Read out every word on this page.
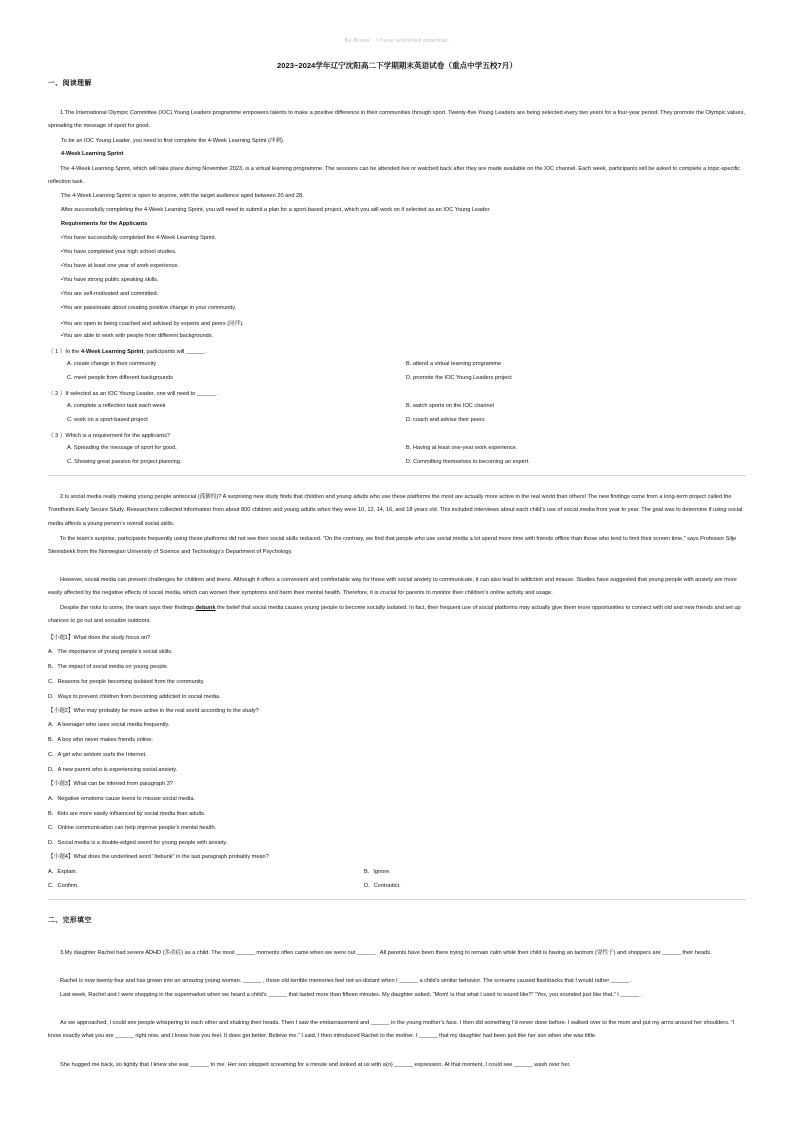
Be Brave · I have unlimited potential.
2023~2024学年辽宁沈阳高二下学期期末英语试卷（重点中学五校7月）
一、阅读理解
1.The International Olympic Committee (IOC) Young Leaders programme empowers talents to make a positive difference in their communities through sport. Twenty-five Young Leaders are being selected every two years for a four-year period. They promote the Olympic values, spreading the message of sport for good.
To be an IOC Young Leader, you need to first complete the 4-Week Learning Sprint (冲刺).
4-Week Learning Sprint
The 4-Week Learning Sprint, which will take place during November 2023, is a virtual learning programme. The sessions can be attended live or watched back after they are made available on the IOC channel. Each week, participants will be asked to complete a topic-specific reflection task.
The 4-Week Learning Sprint is open to anyone, with the target audience aged between 20 and 28.
After successfully completing the 4-Week Learning Sprint, you will need to submit a plan for a sport-based project, which you will work on if selected as an IOC Young Leader.
Requirements for the Applicants
•You have successfully completed the 4-Week Learning Sprint.
•You have completed your high school studies.
•You have at least one year of work experience.
•You have strong public speaking skills.
•You are self-motivated and committed.
•You are passionate about creating positive change in your community.
•You are open to being coached and advised by experts and peers (同伴).
•You are able to work with people from different backgrounds.
（ 1 ）In the 4-Week Learning Sprint, participants will ______ .
A. create change in their community	B. attend a virtual learning programme
C. meet people from different backgrounds	D. promote the IOC Young Leaders project
（ 2 ）If selected as an IOC Young Leader, one will need to ______ .
A. complete a reflection task each week	B. watch sports on the IOC channel
C. work on a sport-based project	D. coach and advise their peers
（ 3 ）Which is a requirement for the applicants?
A. Spreading the message of sport for good.	B. Having at least one-year work experience.
C. Showing great passion for project planning.	D. Committing themselves to becoming an expert.
2.Is social media really making young people antisocial (孤僻的)? A surprising new study finds that children and young adults who use these platforms the most are actually more active in the real world than others! The new findings come from a long-term project called the Trondheim Early Secure Study. Researchers collected information from about 800 children and young adults when they were 10, 12, 14, 16, and 18 years old. This included interviews about each child’s use of social media from year to year. The goal was to determine if using social media affects a young person’s overall social skills.
To the team’s surprise, participants frequently using these platforms did not see their social skills reduced. “On the contrary, we find that people who use social media a lot spend more time with friends offline than those who tend to limit their screen time,” says Professor Silje Steinsbekk from the Norwegian University of Science and Technology’s Department of Psychology.
However, social media can present challenges for children and teens. Although it offers a convenient and comfortable way for those with social anxiety to communicate, it can also lead to addiction and misuse. Studies have suggested that young people with anxiety are more easily affected by the negative effects of social media, which can worsen their symptoms and harm their mental health. Therefore, it is crucial for parents to monitor their children’s online activity and usage.
Despite the risks to some, the team says their findings debunk the belief that social media causes young people to become socially isolated. In fact, their frequent use of social platforms may actually give them more opportunities to connect with old and new friends and set up chances to go out and socialize outdoors.
【小题1】What does the study focus on?
A．The importance of young people’s social skills.
B．The impact of social media on young people.
C．Reasons for people becoming isolated from the community.
D．Ways to prevent children from becoming addicted to social media.
【小题2】Who may probably be more active in the real world according to the study?
A．A teenager who uses social media frequently.
B．A boy who never makes friends online.
C．A girl who seldom surfs the Internet.
D．A new parent who is experiencing social anxiety.
【小题3】What can be inferred from paragraph 3?
A．Negative emotions cause teens to misuse social media.
B．Kids are more easily influenced by social media than adults.
C．Online communication can help improve people’s mental health.
D．Social media is a double-edged sword for young people with anxiety.
【小题4】What does the underlined word “debunk” in the last paragraph probably mean?
A．Explain.	B．Ignore.
C．Confirm.	D．Contradict.
二、完形填空
3.My daughter Rachel had severe ADHD (多动症) as a child. The most ______ moments often came when we were out ______ . All parents have been there trying to remain calm while their child is having an tantrum (耍性子) and shoppers are ______ their heads.
Rachel is now twenty-four and has grown into an amazing young woman. ______ , those old terrible memories feel not-so-distant when I ______ a child’s similar behavior. The screams caused flashbacks that I would rather ______ .
Last week, Rachel and I were shopping in the supermarket when we heard a child’s ______ that lasted more than fifteen minutes. My daughter asked, “Mom! Is that what I used to sound like?” “Yes, you sounded just like that,” I ______ .
As we approached, I could see people whispering to each other and shaking their heads. Then I saw the embarrassment and ______ in the young mother’s face. I then did something I’d never done before. I walked over to the mom and put my arms around her shoulders. “I know exactly what you are ______ right now, and I know how you feel. It does get better. Believe me.” I said. I then introduced Rachel to the mother. I ______ that my daughter had been just like her son when she was little.
She hugged me back, so tightly that I knew she was ______ to me. Her son stopped screaming for a minute and looked at us with a(n) ______ expression. At that moment, I could see ______ wash over her.
